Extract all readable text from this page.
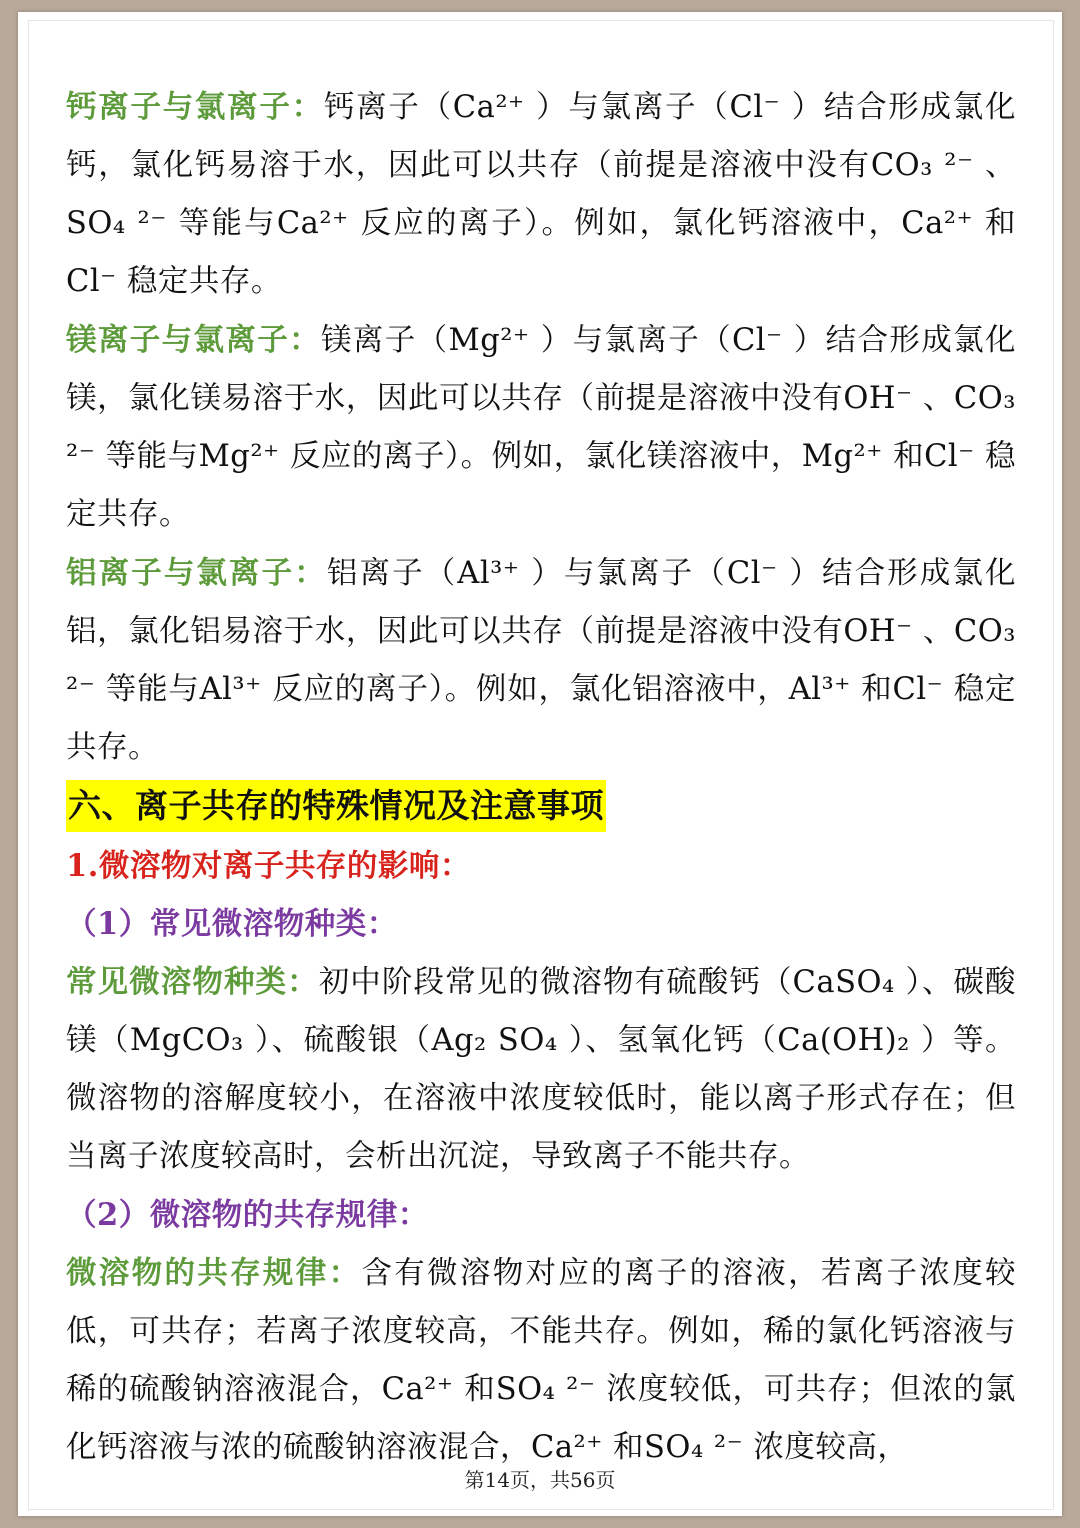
钙离子与氯离子：钙离子（Ca²⁺ ）与氯离子（Cl⁻ ）结合形成氯化钙，氯化钙易溶于水，因此可以共存（前提是溶液中没有CO₃ ²⁻ 、SO₄ ²⁻ 等能与Ca²⁺ 反应的离子）。例如，氯化钙溶液中，Ca²⁺ 和Cl⁻ 稳定共存。

镁离子与氯离子：镁离子（Mg²⁺ ）与氯离子（Cl⁻ ）结合形成氯化镁，氯化镁易溶于水，因此可以共存（前提是溶液中没有OH⁻ 、CO₃ ²⁻ 等能与Mg²⁺ 反应的离子）。例如，氯化镁溶液中，Mg²⁺ 和Cl⁻ 稳定共存。

铝离子与氯离子：铝离子（Al³⁺ ）与氯离子（Cl⁻ ）结合形成氯化铝，氯化铝易溶于水，因此可以共存（前提是溶液中没有OH⁻ 、CO₃ ²⁻ 等能与Al³⁺ 反应的离子）。例如，氯化铝溶液中，Al³⁺ 和Cl⁻ 稳定共存。

六、离子共存的特殊情况及注意事项

1.微溶物对离子共存的影响：

（1）常见微溶物种类：

常见微溶物种类：初中阶段常见的微溶物有硫酸钙（CaSO₄ ）、碳酸镁（MgCO₃ ）、硫酸银（Ag₂ SO₄ ）、氢氧化钙（Ca(OH)₂ ）等。微溶物的溶解度较小，在溶液中浓度较低时，能以离子形式存在；但当离子浓度较高时，会析出沉淀，导致离子不能共存。

（2）微溶物的共存规律：

微溶物的共存规律：含有微溶物对应的离子的溶液，若离子浓度较低，可共存；若离子浓度较高，不能共存。例如，稀的氯化钙溶液与稀的硫酸钠溶液混合，Ca²⁺ 和SO₄ ²⁻ 浓度较低，可共存；但浓的氯化钙溶液与浓的硫酸钠溶液混合，Ca²⁺ 和SO₄ ²⁻ 浓度较高，

第14页，共56页
